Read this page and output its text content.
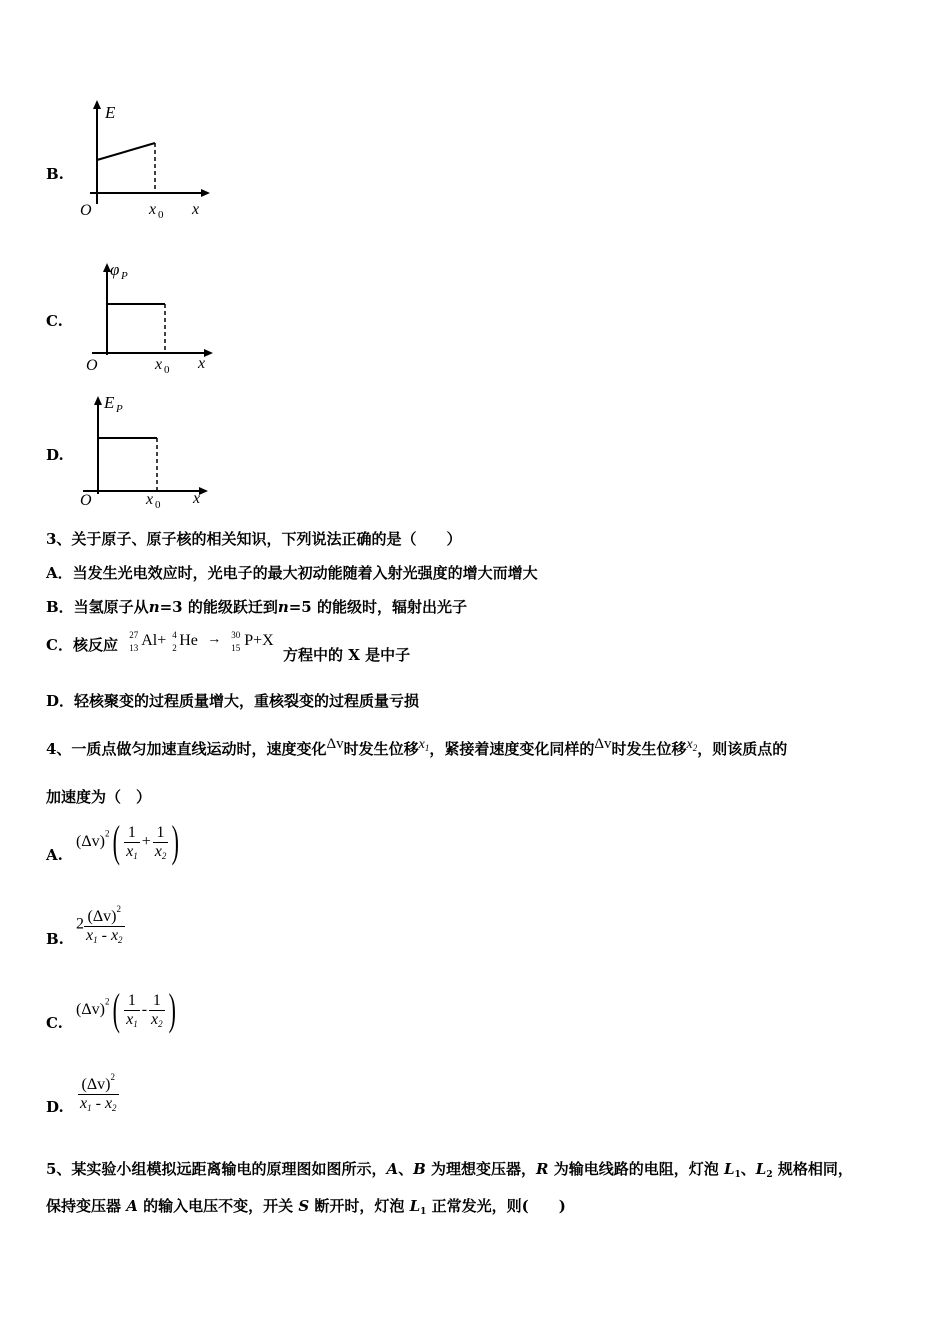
B.
E
O	x 0 x
C.
φ P
O	x 0 x
D.
E P
O	x 0 x
3、关于原子、原子核的相关知识，下列说法正确的是（　　）
A．当发生光电效应时，光电子的最大初动能随着入射光强度的增大而增大
B．当氢原子从n=3 的能级跃迁到n=5 的能级时，辐射出光子
C．核反应
27
13 Al+ 4
2 He → 30
15 P+X
方程中的 X 是中子
D．轻核聚变的过程质量增大，重核裂变的过程质量亏损
4、一质点做匀加速直线运动时，速度变化Δv时发生位移$x_1$，紧接着速度变化同样的Δv时发生位移$x_2$，则该质点的
加速度为（　）
A.
$(\Delta v)^2( \frac{1}{x_1} + \frac{1}{x_2}$ )
B.
$2 \frac{(\Delta v)^2}{x_1 - x_2}$
C.
$(\Delta v)^2( \frac{1}{x_1} - \frac{1}{x_2}$ )
D. $\frac{(\Delta v)^2}{x_1 - x_2}$
5、某实验小组模拟远距离输电的原理图如图所示，A、B 为理想变压器，R 为输电线路的电阻，灯泡 $L_1$、$L_2$ 规格相同，
保持变压器 A 的输入电压不变，开关 S 断开时，灯泡 $L_1$ 正常发光，则(　　)
